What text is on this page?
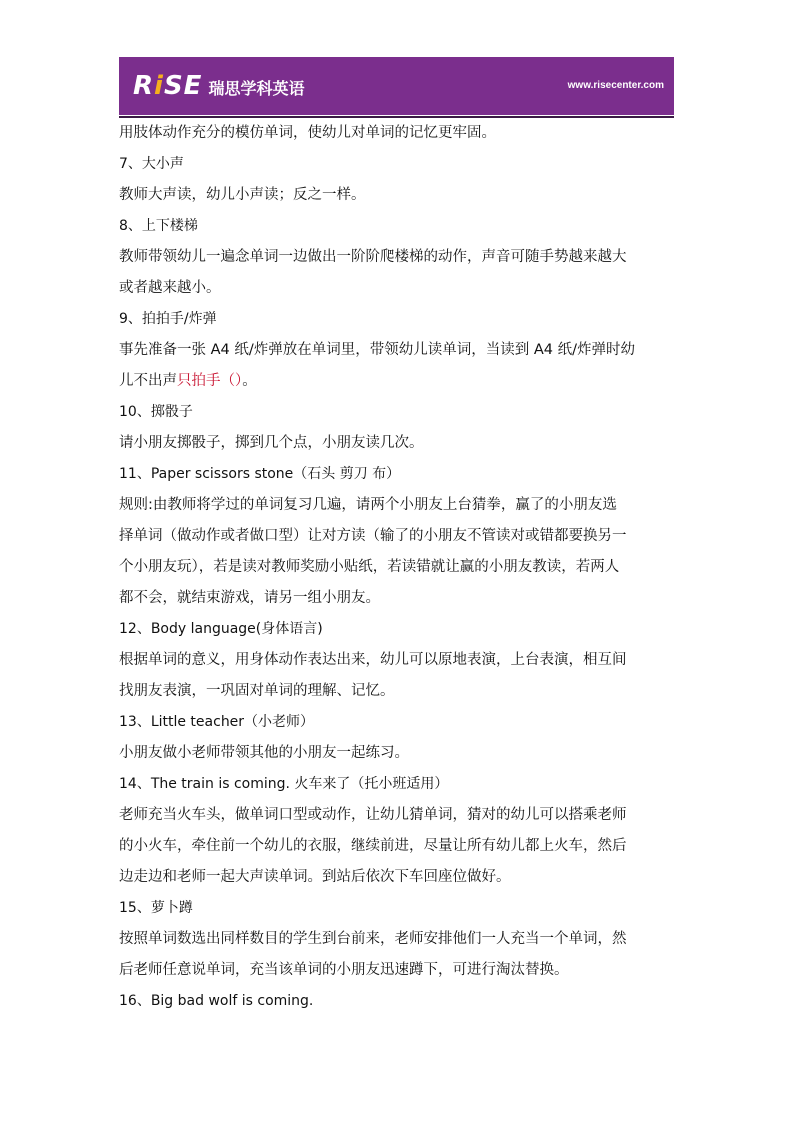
RiSE 瑞思学科英语	www.risecenter.com
用肢体动作充分的模仿单词，使幼儿对单词的记忆更牢固。
7、大小声
教师大声读，幼儿小声读；反之一样。
8、上下楼梯
教师带领幼儿一遍念单词一边做出一阶阶爬楼梯的动作，声音可随手势越来越大
或者越来越小。
9、拍拍手/炸弹
事先准备一张 A4 纸/炸弹放在单词里，带领幼儿读单词，当读到 A4 纸/炸弹时幼
儿不出声只拍手（）。
10、掷骰子
请小朋友掷骰子，掷到几个点，小朋友读几次。
11、Paper scissors stone（石头 剪刀 布）
规则:由教师将学过的单词复习几遍，请两个小朋友上台猜拳，赢了的小朋友选
择单词（做动作或者做口型）让对方读（输了的小朋友不管读对或错都要换另一
个小朋友玩），若是读对教师奖励小贴纸，若读错就让赢的小朋友教读，若两人
都不会，就结束游戏，请另一组小朋友。
12、Body language(身体语言)
根据单词的意义，用身体动作表达出来，幼儿可以原地表演，上台表演，相互间
找朋友表演，一巩固对单词的理解、记忆。
13、Little teacher（小老师）
小朋友做小老师带领其他的小朋友一起练习。
14、The train is coming. 火车来了（托小班适用）
老师充当火车头，做单词口型或动作，让幼儿猜单词，猜对的幼儿可以搭乘老师
的小火车，牵住前一个幼儿的衣服，继续前进，尽量让所有幼儿都上火车，然后
边走边和老师一起大声读单词。到站后依次下车回座位做好。
15、萝卜蹲
按照单词数选出同样数目的学生到台前来，老师安排他们一人充当一个单词，然
后老师任意说单词，充当该单词的小朋友迅速蹲下，可进行淘汰替换。
16、Big bad wolf is coming.
